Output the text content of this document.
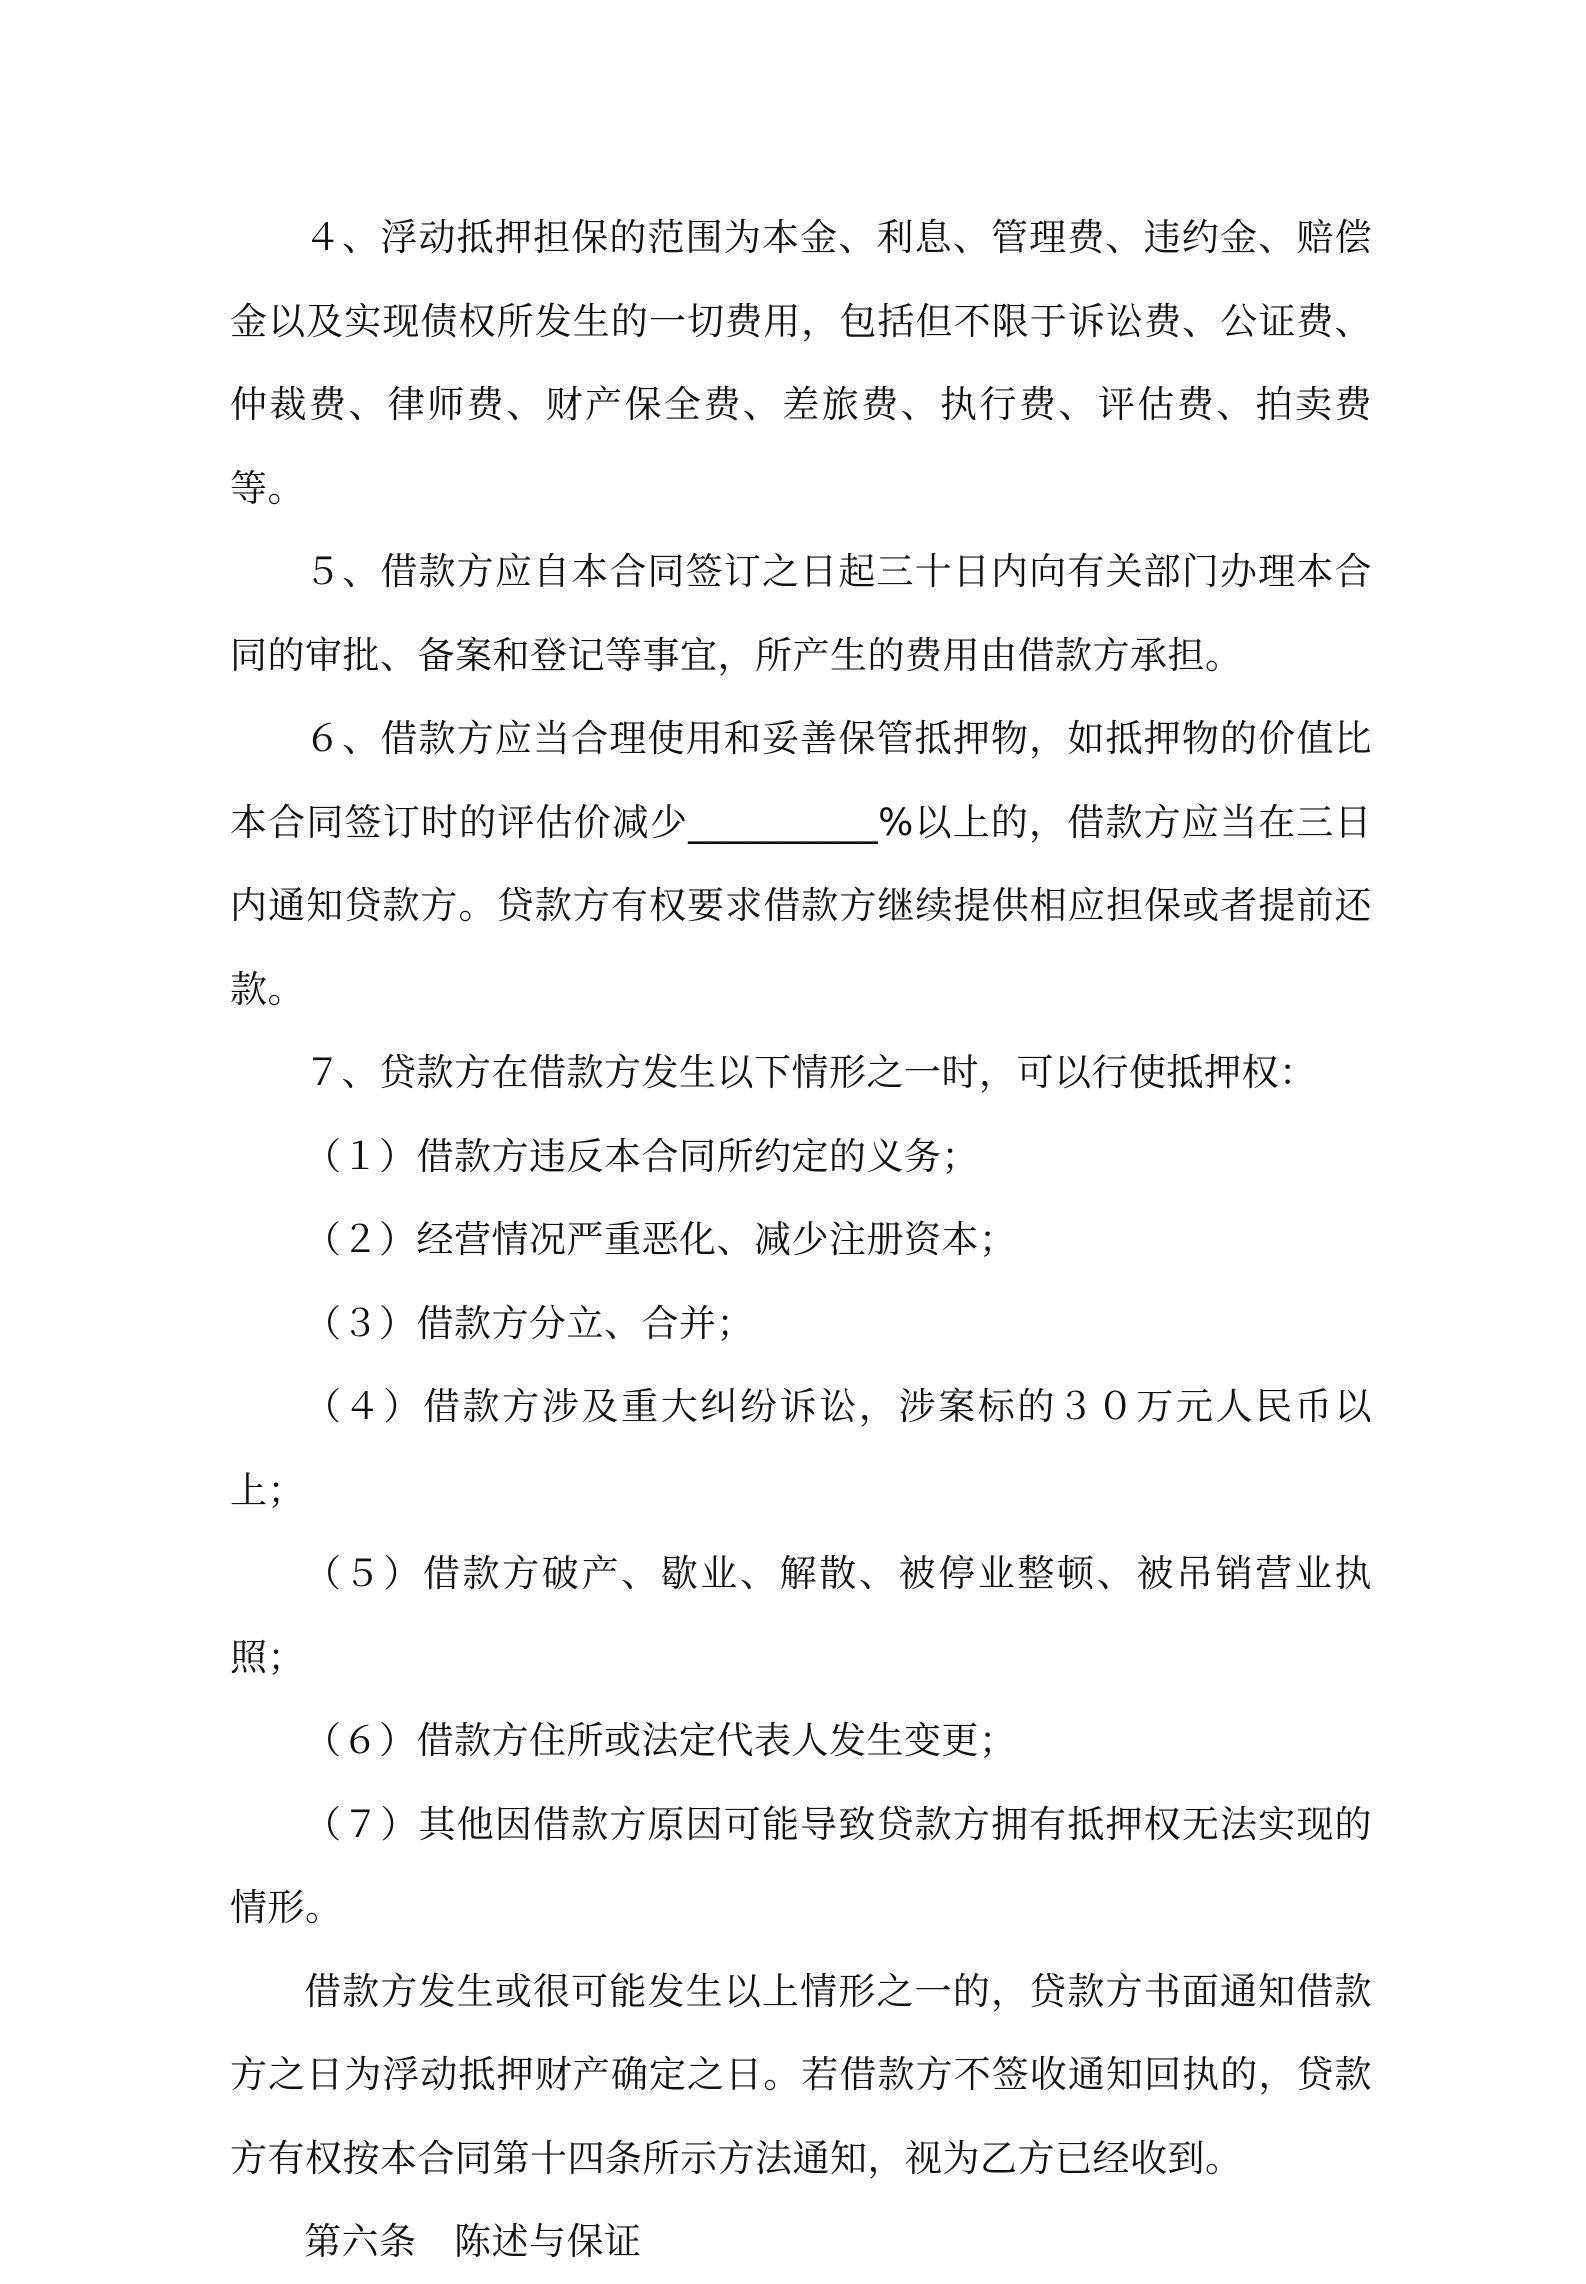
４、浮动抵押担保的范围为本金、利息、管理费、违约金、赔偿金以及实现债权所发生的一切费用，包括但不限于诉讼费、公证费、仲裁费、律师费、财产保全费、差旅费、执行费、评估费、拍卖费等。

５、借款方应自本合同签订之日起三十日内向有关部门办理本合同的审批、备案和登记等事宜，所产生的费用由借款方承担。

６、借款方应当合理使用和妥善保管抵押物，如抵押物的价值比本合同签订时的评估价减少__________%以上的，借款方应当在三日内通知贷款方。贷款方有权要求借款方继续提供相应担保或者提前还款。

７、贷款方在借款方发生以下情形之一时，可以行使抵押权：

（１）借款方违反本合同所约定的义务；

（２）经营情况严重恶化、减少注册资本；

（３）借款方分立、合并；

（４）借款方涉及重大纠纷诉讼，涉案标的３０万元人民币以上；

（５）借款方破产、歇业、解散、被停业整顿、被吊销营业执照；

（６）借款方住所或法定代表人发生变更；

（７）其他因借款方原因可能导致贷款方拥有抵押权无法实现的情形。

借款方发生或很可能发生以上情形之一的，贷款方书面通知借款方之日为浮动抵押财产确定之日。若借款方不签收通知回执的，贷款方有权按本合同第十四条所示方法通知，视为乙方已经收到。

第六条　陈述与保证
